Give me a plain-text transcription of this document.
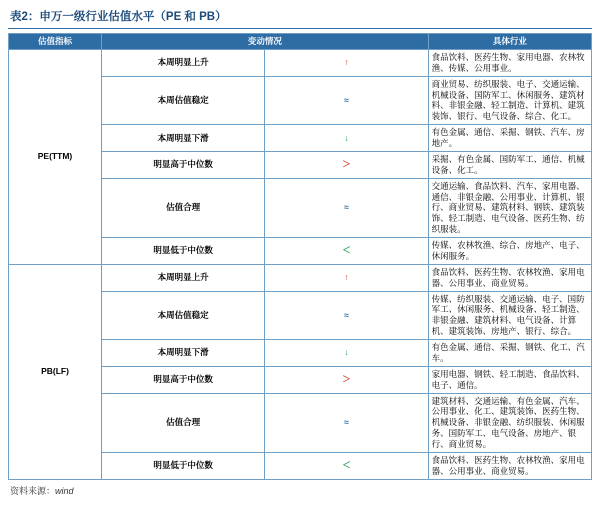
表2：申万一级行业估值水平（PE 和 PB）
估值指标	变动情况		具体行业
PE(TTM)	本周明显上升	↑	食品饮料、医药生物、家用电器、农林牧渔、传媒、公用事业。
	本周估值稳定	≈	商业贸易、纺织服装、电子、交通运输、机械设备、国防军工、休闲服务、建筑材料、非银金融、轻工制造、计算机、建筑装饰、银行、电气设备、综合、化工。
	本周明显下滑	↓	有色金属、通信、采掘、钢铁、汽车、房地产。
	明显高于中位数	＞	采掘、有色金属、国防军工、通信、机械设备、化工。
	估值合理	≈	交通运输、食品饮料、汽车、家用电器、通信、非银金融、公用事业、计算机、银行、商业贸易、建筑材料、钢铁、建筑装饰、轻工制造、电气设备、医药生物、纺织服装。
	明显低于中位数	＜	传媒、农林牧渔、综合、房地产、电子、休闲服务。
PB(LF)	本周明显上升	↑	食品饮料、医药生物、农林牧渔、家用电器、公用事业、商业贸易。
	本周估值稳定	≈	传媒、纺织服装、交通运输、电子、国防军工、休闲服务、机械设备、轻工制造、非银金融、建筑材料、电气设备、计算机、建筑装饰、房地产、银行、综合。
	本周明显下滑	↓	有色金属、通信、采掘、钢铁、化工、汽车。
	明显高于中位数	＞	家用电器、钢铁、轻工制造、食品饮料、电子、通信。
	估值合理	≈	建筑材料、交通运输、有色金属、汽车、公用事业、化工、建筑装饰、医药生物、机械设备、非银金融、纺织服装、休闲服务、国防军工、电气设备、房地产、银行、商业贸易。
	明显低于中位数	＜	食品饮料、医药生物、农林牧渔、家用电器、公用事业、商业贸易。
资料来源：wind
